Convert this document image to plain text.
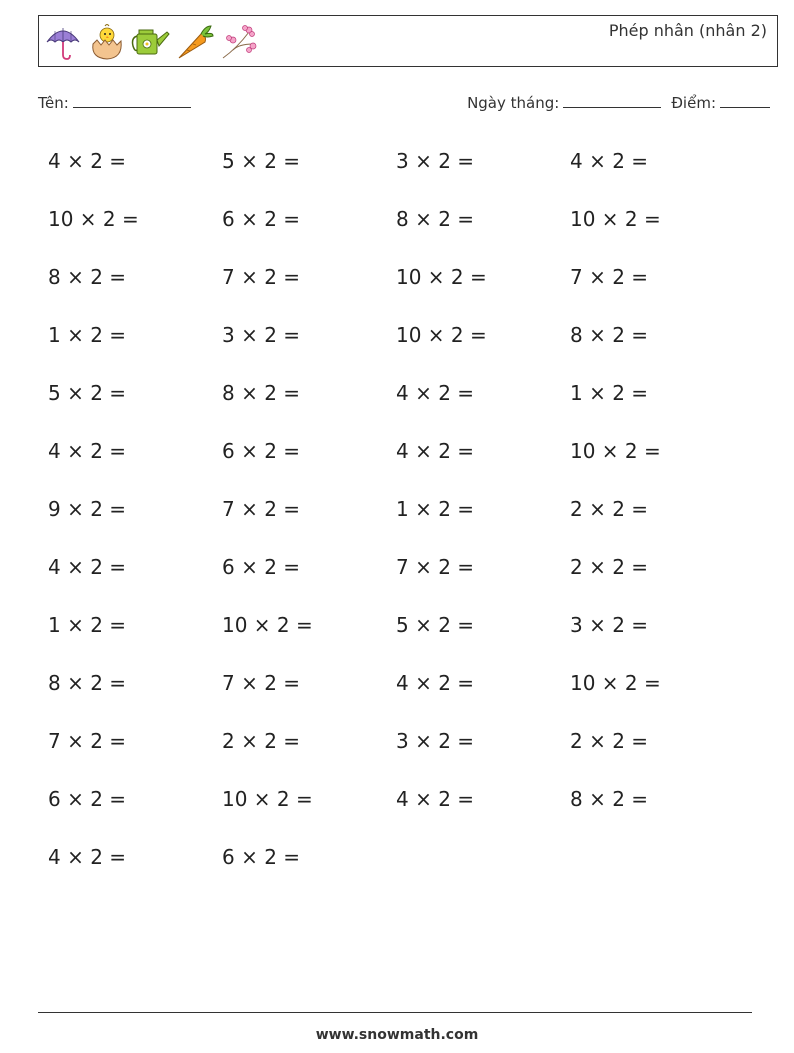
Phép nhân (nhân 2)
Tên:	Ngày tháng:	Điểm:
4 × 2 =	5 × 2 =	3 × 2 =	4 × 2 =
10 × 2 =	6 × 2 =	8 × 2 =	10 × 2 =
8 × 2 =	7 × 2 =	10 × 2 =	7 × 2 =
1 × 2 =	3 × 2 =	10 × 2 =	8 × 2 =
5 × 2 =	8 × 2 =	4 × 2 =	1 × 2 =
4 × 2 =	6 × 2 =	4 × 2 =	10 × 2 =
9 × 2 =	7 × 2 =	1 × 2 =	2 × 2 =
4 × 2 =	6 × 2 =	7 × 2 =	2 × 2 =
1 × 2 =	10 × 2 =	5 × 2 =	3 × 2 =
8 × 2 =	7 × 2 =	4 × 2 =	10 × 2 =
7 × 2 =	2 × 2 =	3 × 2 =	2 × 2 =
6 × 2 =	10 × 2 =	4 × 2 =	8 × 2 =
4 × 2 =	6 × 2 =
www.snowmath.com
